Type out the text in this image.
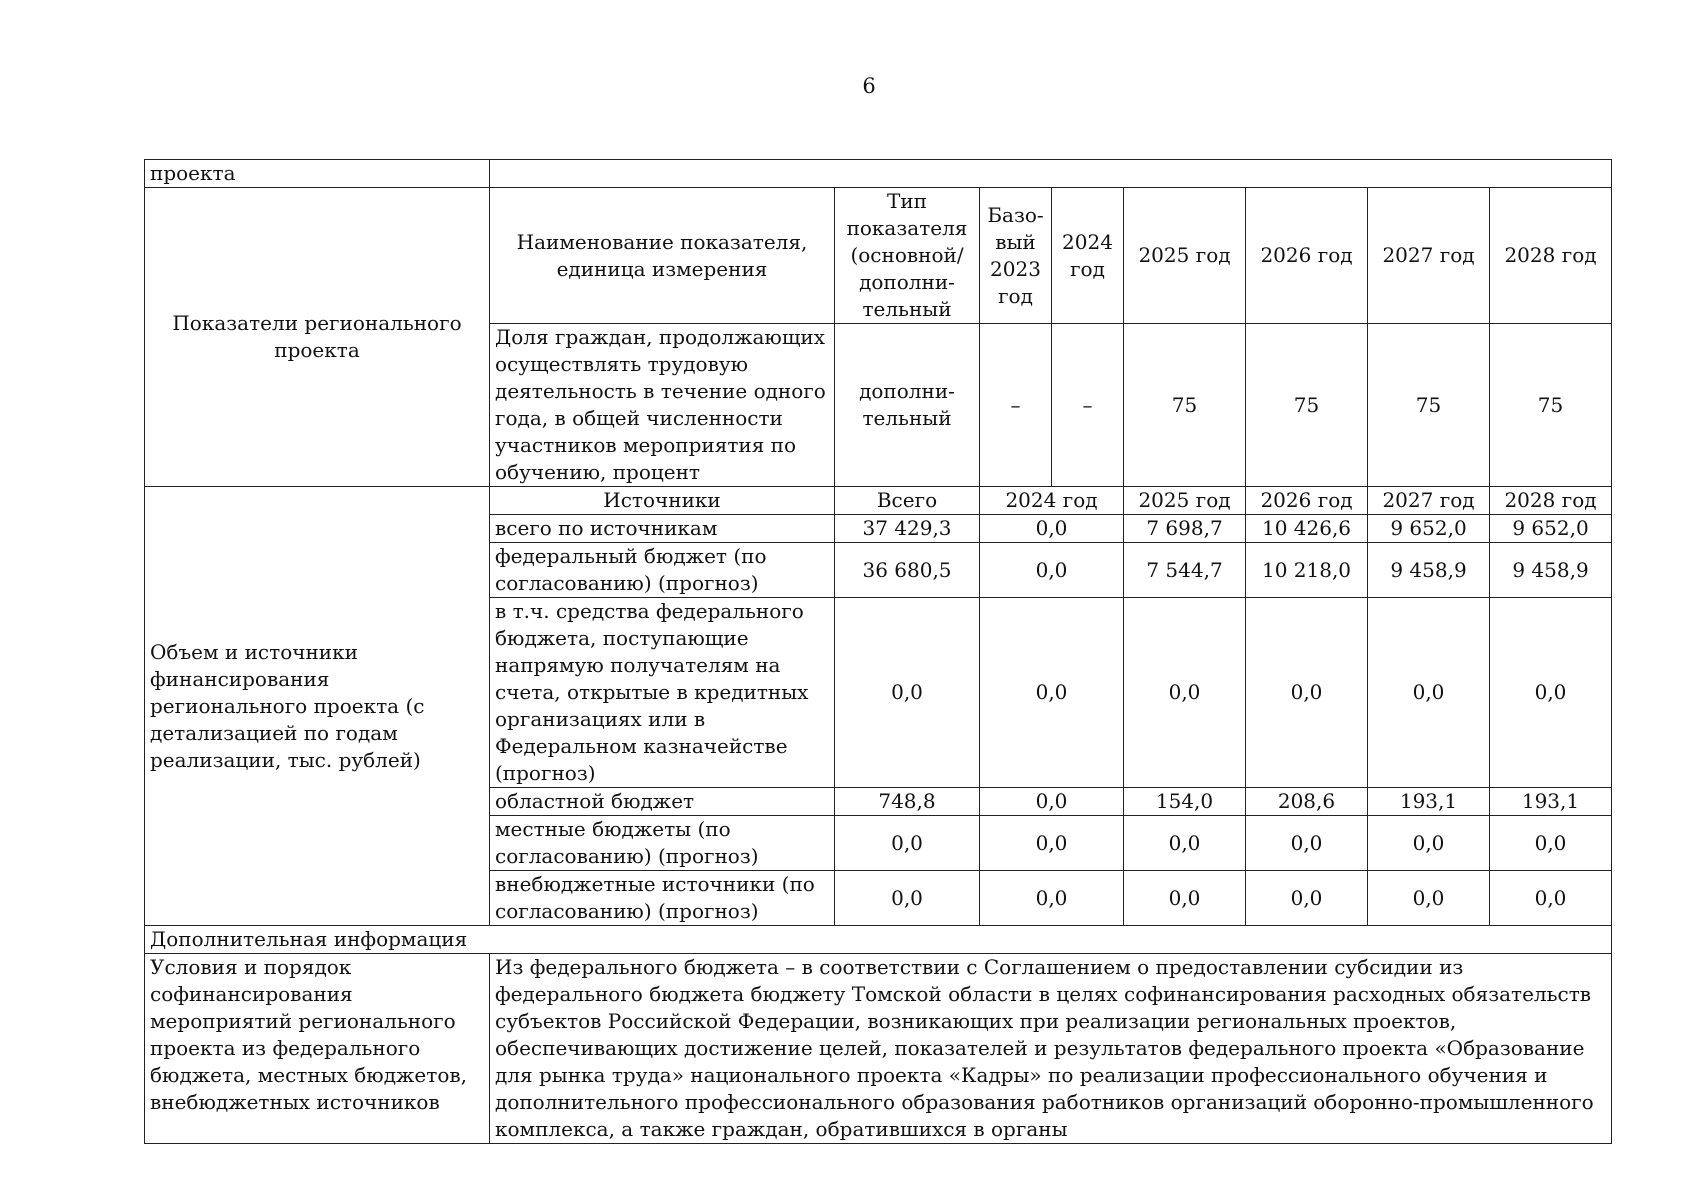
6
проекта								
Показатели регионального проекта	Наименование показателя, единица измерения	Тип показателя (основной/ дополни-тельный	Базо-вый 2023 год	2024 год	2025 год	2026 год	2027 год	2028 год
	Доля граждан, продолжающих осуществлять трудовую деятельность в течение одного года, в общей численности участников мероприятия по обучению, процент	дополни-тельный	–	–	75	75	75	75
Объем и источники финансирования регионального проекта (с детализацией по годам реализации, тыс. рублей)	Источники	Всего	2024 год		2025 год	2026 год	2027 год	2028 год
	всего по источникам	37 429,3	0,0		7 698,7	10 426,6	9 652,0	9 652,0
	федеральный бюджет (по согласованию) (прогноз)	36 680,5	0,0		7 544,7	10 218,0	9 458,9	9 458,9
	в т.ч. средства федерального бюджета, поступающие напрямую получателям на счета, открытые в кредитных организациях или в Федеральном казначействе (прогноз)	0,0	0,0		0,0	0,0	0,0	0,0
	областной бюджет	748,8	0,0		154,0	208,6	193,1	193,1
	местные бюджеты (по согласованию) (прогноз)	0,0	0,0		0,0	0,0	0,0	0,0
	внебюджетные источники (по согласованию) (прогноз)	0,0	0,0		0,0	0,0	0,0	0,0
Дополнительная информация								
Условия и порядок софинансирования мероприятий регионального проекта из федерального бюджета, местных бюджетов, внебюджетных источников	Из федерального бюджета – в соответствии с Соглашением о предоставлении субсидии из федерального бюджета бюджету Томской области в целях софинансирования расходных обязательств субъектов Российской Федерации, возникающих при реализации региональных проектов, обеспечивающих достижение целей, показателей и результатов федерального проекта «Образование для рынка труда» национального проекта «Кадры» по реализации профессионального обучения и дополнительного профессионального образования работников организаций оборонно-промышленного комплекса, а также граждан, обратившихся в органы							
